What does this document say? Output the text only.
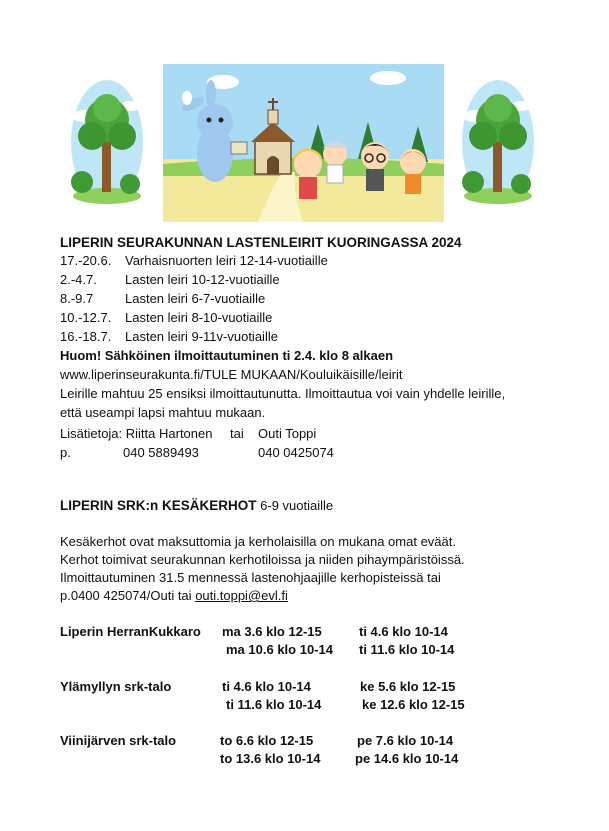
LIPERIN SEURAKUNNAN LASTENLEIRIT KUORINGASSA 2024
17.-20.6. Varhaisnuorten leiri 12-14-vuotiaille
2.-4.7. Lasten leiri 10-12-vuotiaille
8.-9.7 Lasten leiri 6-7-vuotiaille
10.-12.7. Lasten leiri 8-10-vuotiaille
16.-18.7. Lasten leiri 9-11v-vuotiaille
Huom! Sähköinen ilmoittautuminen ti 2.4. klo 8 alkaen
www.liperinseurakunta.fi/TULE MUKAAN/Kouluikäisille/leirit
Leirille mahtuu 25 ensiksi ilmoittautunutta. Ilmoittautua voi vain yhdelle leirille,
että useampi lapsi mahtuu mukaan.
Lisätietoja: Riitta Hartonen tai Outi Toppi
p.	040 5889493	040 0425074
LIPERIN SRK:n KESÄKERHOT 6-9 vuotiaille
Kesäkerhot ovat maksuttomia ja kerholaisilla on mukana omat eväät.
Kerhot toimivat seurakunnan kerhotiloissa ja niiden pihaympäristöissä.
Ilmoittautuminen 31.5 mennessä lastenohjaajille kerhopisteissä tai
p.0400 425074/Outi tai outi.toppi@evl.fi
Liperin HerranKukkaro ma 3.6 klo 12-15	ti 4.6 klo 10-14
ma 10.6 klo 10-14 ti 11.6 klo 10-14
Ylämyllyn srk-talo	ti 4.6 klo 10-14	ke 5.6 klo 12-15
ti 11.6 klo 10-14	ke 12.6 klo 12-15
Viinijärven srk-talo	to 6.6 klo 12-15	pe 7.6 klo 10-14
to 13.6 klo 10-14	pe 14.6 klo 10-14
